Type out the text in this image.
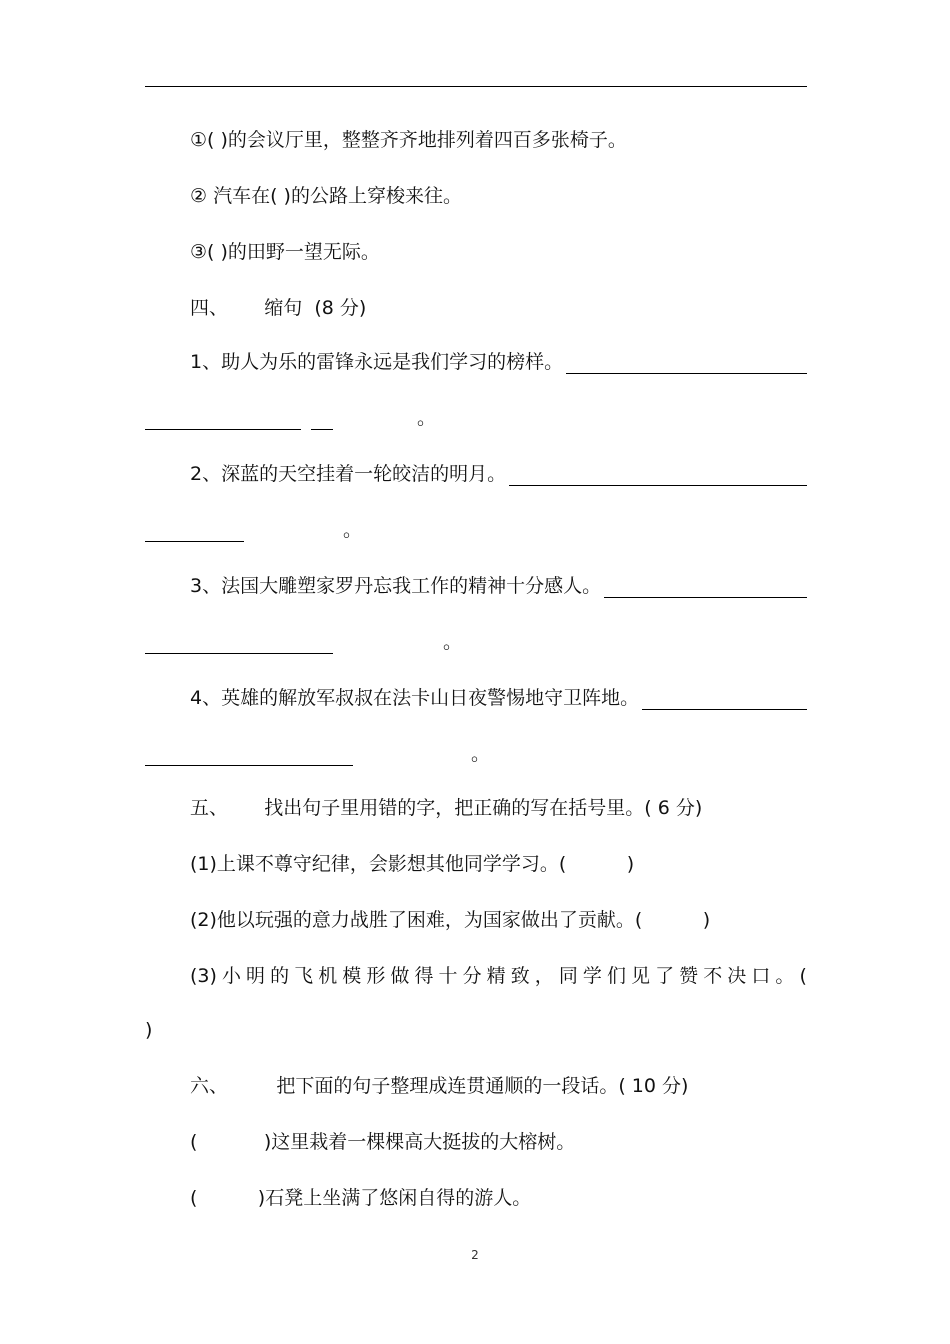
①( )的会议厅里，整整齐齐地排列着四百多张椅子。
② 汽车在( )的公路上穿梭来往。
③( )的田野一望无际。
四、      缩句  (8 分)
1、助人为乐的雷锋永远是我们学习的榜样。
。
2、深蓝的天空挂着一轮皎洁的明月。
。
3、法国大雕塑家罗丹忘我工作的精神十分感人。
。
4、英雄的解放军叔叔在法卡山日夜警惕地守卫阵地。
。
五、      找出句子里用错的字，把正确的写在括号里。( 6 分)
(1)上课不尊守纪律，会影想其他同学学习。(          )
(2)他以玩强的意力战胜了困难，为国家做出了贡献。(          )
(3) 小 明 的 飞 机 模 形 做 得 十 分 精 致 ， 同 学 们 见 了 赞 不 决 口 。 (
)
六、        把下面的句子整理成连贯通顺的一段话。( 10 分)
(           )这里栽着一棵棵高大挺拔的大榕树。
(          )石凳上坐满了悠闲自得的游人。
2
